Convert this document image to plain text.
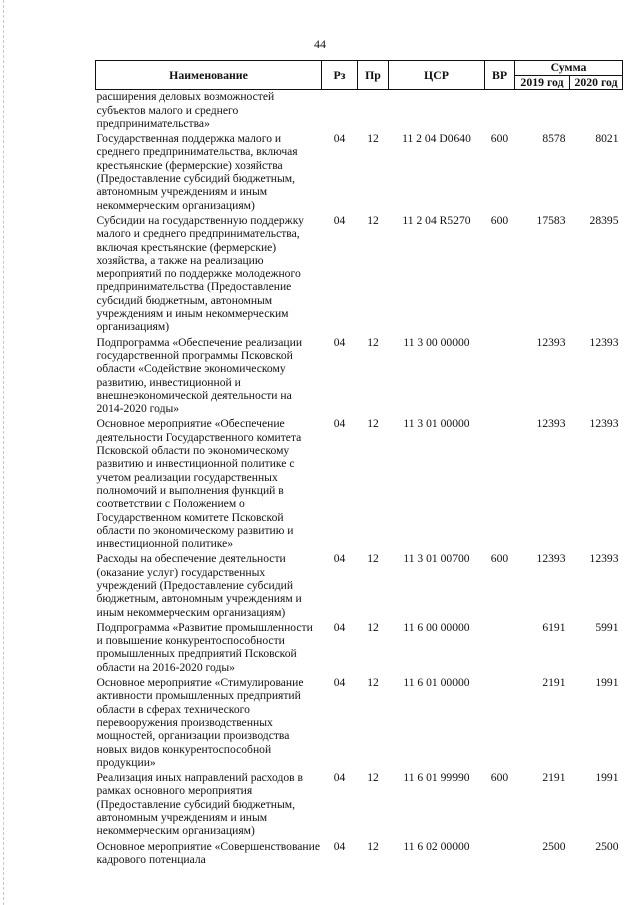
44
Наименование	Рз	Пр	ЦСР	ВР	Сумма	
					2019 год	2020 год
расширения деловых возможностей субъектов малого и среднего предпринимательства»						
Государственная поддержка малого и среднего предпринимательства, включая крестьянские (фермерские) хозяйства (Предоставление субсидий бюджетным, автономным учреждениям и иным некоммерческим организациям)	04	12	11 2 04 D0640	600	8578	8021
Субсидии на государственную поддержку малого и среднего предпринимательства, включая крестьянские (фермерские) хозяйства, а также на реализацию мероприятий по поддержке молодежного предпринимательства (Предоставление субсидий бюджетным, автономным учреждениям и иным некоммерческим организациям)	04	12	11 2 04 R5270	600	17583	28395
Подпрограмма «Обеспечение реализации государственной программы Псковской области «Содействие экономическому развитию, инвестиционной и внешнеэкономической деятельности на 2014-2020 годы»	04	12	11 3 00 00000		12393	12393
Основное мероприятие «Обеспечение деятельности Государственного комитета Псковской области по экономическому развитию и инвестиционной политике с учетом реализации государственных полномочий и выполнения функций в соответствии с Положением о Государственном комитете Псковской области по экономическому развитию и инвестиционной политике»	04	12	11 3 01 00000		12393	12393
Расходы на обеспечение деятельности (оказание услуг) государственных учреждений (Предоставление субсидий бюджетным, автономным учреждениям и иным некоммерческим организациям)	04	12	11 3 01 00700	600	12393	12393
Подпрограмма «Развитие промышленности и повышение конкурентоспособности промышленных предприятий Псковской области на 2016-2020 годы»	04	12	11 6 00 00000		6191	5991
Основное мероприятие «Стимулирование активности промышленных предприятий области в сферах технического перевооружения производственных мощностей, организации производства новых видов конкурентоспособной продукции»	04	12	11 6 01 00000		2191	1991
Реализация иных направлений расходов в рамках основного мероприятия (Предоставление субсидий бюджетным, автономным учреждениям и иным некоммерческим организациям)	04	12	11 6 01 99990	600	2191	1991
Основное мероприятие «Совершенствование кадрового потенциала	04	12	11 6 02 00000		2500	2500
